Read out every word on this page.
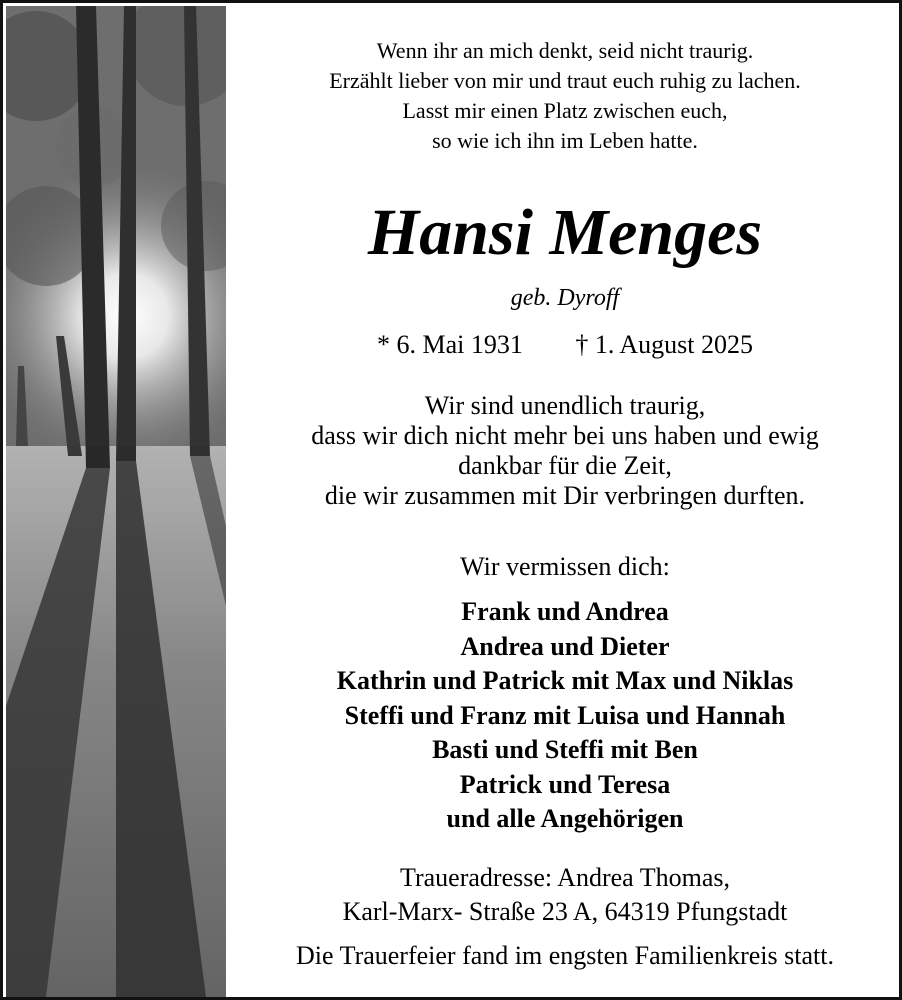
Wenn ihr an mich denkt, seid nicht traurig.
Erzählt lieber von mir und traut euch ruhig zu lachen.
Lasst mir einen Platz zwischen euch,
so wie ich ihn im Leben hatte.
Hansi Menges
geb. Dyroff
* 6. Mai 1931 † 1. August 2025
Wir sind unendlich traurig,
dass wir dich nicht mehr bei uns haben und ewig
dankbar für die Zeit,
die wir zusammen mit Dir verbringen durften.
Wir vermissen dich:
Frank und Andrea
Andrea und Dieter
Kathrin und Patrick mit Max und Niklas
Steffi und Franz mit Luisa und Hannah
Basti und Steffi mit Ben
Patrick und Teresa
und alle Angehörigen
Traueradresse: Andrea Thomas,
Karl-Marx- Straße 23 A, 64319 Pfungstadt
Die Trauerfeier fand im engsten Familienkreis statt.
